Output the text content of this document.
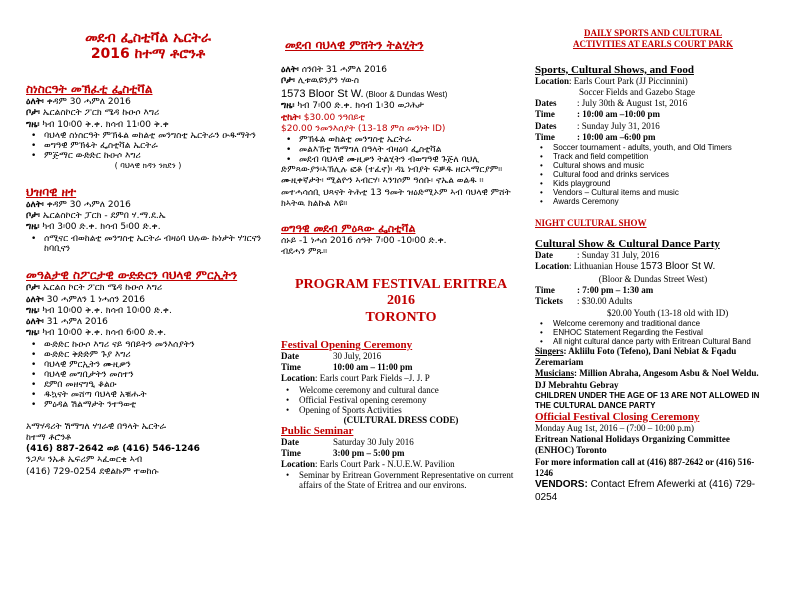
መደብ ፌስቲቫል ኤርትራ
2016 ከተማ ቶሮንቶ
ስነስርዓት መኽፈቲ ፌስቲቫል
ዕለት፡ ቀዳም 30 ሓምለ 2016
ቦታ፡ ኤርልስኮርት ፖርክ ሜዳ ኩዑሶ እግሪ
ግዜ፡ ካብ 10፡00 ቅ.ቀ. ክሳብ 11፡00 ቅ.ቀ
• ባህላዊ ስነስርዓት ምኽፋል ወከልቲ መንግስቲ ኤርትራን ዑዱማትን
• ወግዓዊ ምኽፋት ፌስቲቫል ኤርትራ
• ምጅማር ውድድር ኩዑሶ እግሪ
( ባህላዊ ክዳን ንክደን )
ህዝባዊ ዘተ
ዕለት፡ ቀዳም 30 ሓምለ 2016
ቦታ፡ ኤርልስኮርት ፓርክ - ደምበ ሃ.ማ.ደ.ኤ
ግዜ፡ ካብ 3፡00 ድ.ቀ. ክሳብ 5፡00 ድ.ቀ.
• ሰሚናር ብወከልቲ መንግስቲ ኤርትራ ብዛዕባ ህሉው ኩነታት ሃገርናን ከባቢናን
መዓልታዊ ስፖርታዊ ውድድርን ባህላዊ ምርኢትን
ቦታ፡ ኤርልስ ኮርት ፖርክ ሜዳ ኩዑሶ እግሪ
ዕለት፡ 30 ሓምለን 1 ነሓሰን 2016
ግዜ፡ ካብ 10፡00 ቅ.ቀ. ክሳብ 10፡00 ድ.ቀ.
ዕለት፡ 31 ሓምለ 2016
ግዜ፡ ካብ 10፡00 ቅ.ቀ. ክሳብ 6፡00 ድ.ቀ.
• ውድድር ኩዑሶ እግሪ ናይ ዓበይትን መንእሰያትን
• ውድድር ቅድድም ጉያ እግሪ
• ባህላዊ ምርኢትን ሙዚቃን
• ባህላዊ መግቢታትን መስተን
• ደምበ መዘናግዒ ቆልዑ
• ዱኳናት መሸጣ ባህላዊ አቑሑት
• ምዕዳል ሽልማታት ንተዓወቲ
አማሃዳሪት ሽማግለ ሃገራዊ በዓላት ኤርትራ
ከተማ ቶሮንቶ
(416) 887-2642 ወይ (416) 546-1246
ንጋዶ፡ ንኡቶ ኤፍሪም ኣፈወርቂ ኣብ
(416) 729-0254 ደዊልኩም ተወከሱ
መደብ ባህላዊ ምሸትን ትልሂትን
ዕለት፡ ሰንበት 31 ሓምለ 2016
ቦታ፡ ሊቱዉዩንያን ሃውስ
1573 Bloor St W. (Bloor & Dundas West)
ግዜ፡ ካብ 7፡00 ድ.ቀ. ክሳብ 1፡30 ወጋሕታ
ቲኬት፡ $30.00 ንዓበይቲ
$20.00 ንመንእሰያት (13-18 ምስ መንነት ID)
• ምኽፋል ወከልቲ መንግስቲ ኤርትራ
• መልእኽቲ ሽማግለ በዓላት ብዛዕባ ፌስቲቫል
• መደብ ባህላዊ ሙዚቃን ትልሂትን ብወግዓዊ ጉጅለ ባህሊ
ድምጻውያን፡ኣኽሊሉ ፎቶ (ተፈኖ)፡ ዳኒ ነብያት ፍቓዱ ዘርኣማርያም።
ሙዚቀኛታት፡ ሚልዮን ኣብርሃ፡ ኣንገሶም ዓሰቡ፡ ኖኤል ወልዱ ።
መተሓሳሰቢ ህጻናት ትሕቲ 13 ዓመት ዝዕድሚኦም ኣብ ባህላዊ ምሸት ክኣትዉ ክልኩል እዩ።
ወግዓዊ መደብ ምዕጻው ፌስቲቫል
ሰኑይ -1 ነሓሰ 2016 ሰዓት 7፡00 -10፡00 ድ.ቀ.
ብደሓን ምጹ።
PROGRAM FESTIVAL ERITREA
2016
TORONTO
Festival Opening Ceremony
Date	30 July, 2016
Time	10:00 am – 11:00 pm
Location: Earls court Park Fields –J. J. P
• Welcome ceremony and cultural dance
• Official Festival opening ceremony
• Opening of Sports Activities
(CULTURAL DRESS CODE)
Public Seminar
Date	Saturday 30 July 2016
Time	3:00 pm – 5:00 pm
Location: Earls Court Park - N.U.E.W. Pavilion
• Seminar by Eritrean Government Representative on current affairs of the State of Eritrea and our environs.
DAILY SPORTS AND CULTURAL
ACTIVITIES AT EARLS COURT PARK
Sports, Cultural Shows, and Food
Location: Earls Court Park (JJ Piccinnini)
Soccer Fields and Gazebo Stage
Dates	: July 30th & August 1st, 2016
Time	: 10:00 am –10:00 pm
Dates	: Sunday July 31, 2016
Time	: 10:00 am –6:00 pm
• Soccer tournament - adults, youth, and Old Timers
• Track and field competition
• Cultural shows and music
• Cultural food and drinks services
• Kids playground
• Vendors – Cultural items and music
• Awards Ceremony
NIGHT CULTURAL SHOW
Cultural Show & Cultural Dance Party
Date	: Sunday 31 July, 2016
Location: Lithuanian House 1573 Bloor St W.
(Bloor & Dundas Street West)
Time	: 7:00 pm – 1:30 am
Tickets	: $30.00 Adults
$20.00 Youth (13-18 old with ID)
• Welcome ceremony and traditional dance
• ENHOC Statement Regarding the Festival
• All night cultural dance party with Eritrean Cultural Band
Singers: Akliilu Foto (Tefeno), Dani Nebiat & Fqadu Zeremariam
Musicians: Million Abraha, Angesom Asbu & Noel Weldu. DJ Mebrahtu Gebray
CHILDREN UNDER THE AGE OF 13 ARE NOT ALLOWED IN THE CULTURAL DANCE PARTY
Official Festival Closing Ceremony
Monday Aug 1st, 2016 – (7:00 – 10:00 p.m)
Eritrean National Holidays Organizing Committee (ENHOC) Toronto
For more information call at (416) 887-2642 or (416) 516-1246
VENDORS: Contact Efrem Afewerki at (416) 729-0254
